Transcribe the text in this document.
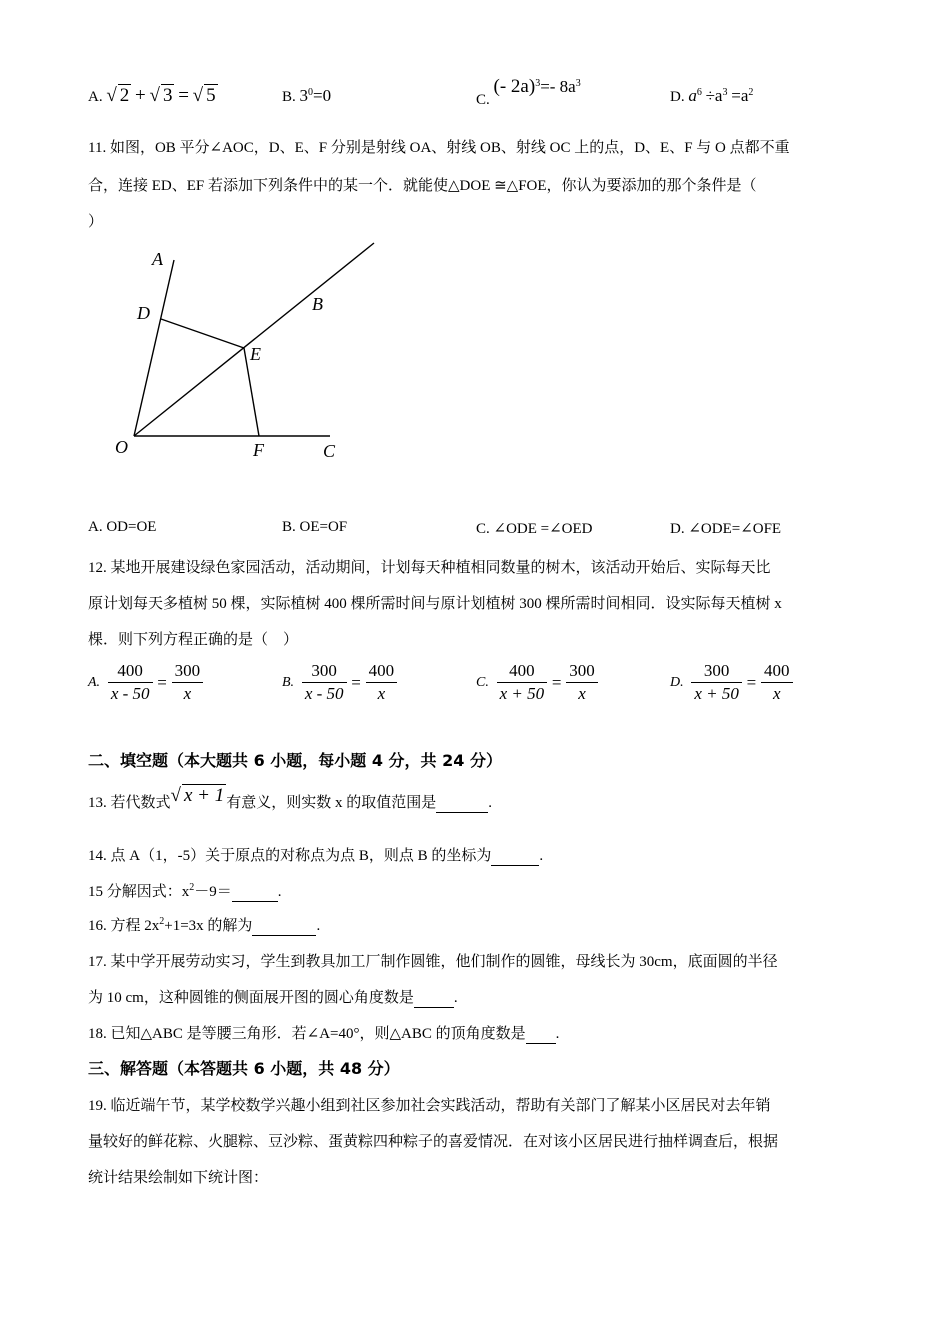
A. √ 2 + √ 3 = √ 5	B. $3^0=0$	C. (- 2a)$^3$=- $8a^3$
D. $a^6 \div a^3 =a^2$
11. 如图，OB 平分∠AOC，D、E、F 分别是射线 OA、射线 OB、射线 OC 上的点，D、E、F 与 O 点都不重
合，连接 ED、EF 若添加下列条件中的某一个．就能使△DOE ≅△FOE，你认为要添加的那个条件是（
）
A
B
C
D
E
F
O
A. OD=OE	B. OE=OF	C. ∠ODE =∠OED	D. ∠ODE=∠OFE
12. 某地开展建设绿色家园活动，活动期间，计划每天种植相同数量的树木，该活动开始后、实际每天比
原计划每天多植树 50 棵，实际植树 400 棵所需时间与原计划植树 300 棵所需时间相同．设实际每天植树 x
棵．则下列方程正确的是（　）
A. $\frac{400}{x - 50} = \frac{300}{x}$	B. $\frac{300}{x - 50} = \frac{400}{x}$	C. $\frac{400}{x + 50} = \frac{300}{x}$	D. $\frac{300}{x + 50} = \frac{400}{x}$
二、填空题（本大题共 6 小题，每小题 4 分，共 24 分）
13. 若代数式√ x + 1 有意义，则实数 x 的取值范围是	.
14. 点 A（1，-5）关于原点的对称点为点 B，则点 B 的坐标为	.
15 分解因式：$x^2-9=$	.
16. 方程 $2x^2+1=3x$ 的解为	.
17. 某中学开展劳动实习，学生到教具加工厂制作圆锥，他们制作的圆锥，母线长为 30cm，底面圆的半径
为 10 cm，这种圆锥的侧面展开图的圆心角度数是	.
18. 已知△ABC 是等腰三角形．若∠A=40°，则△ABC 的顶角度数是 .
三、解答题（本答题共 6 小题，共 48 分）
19. 临近端午节，某学校数学兴趣小组到社区参加社会实践活动，帮助有关部门了解某小区居民对去年销
量较好的鲜花粽、火腿粽、豆沙粽、蛋黄粽四种粽子的喜爱情况．在对该小区居民进行抽样调查后，根据
统计结果绘制如下统计图：
